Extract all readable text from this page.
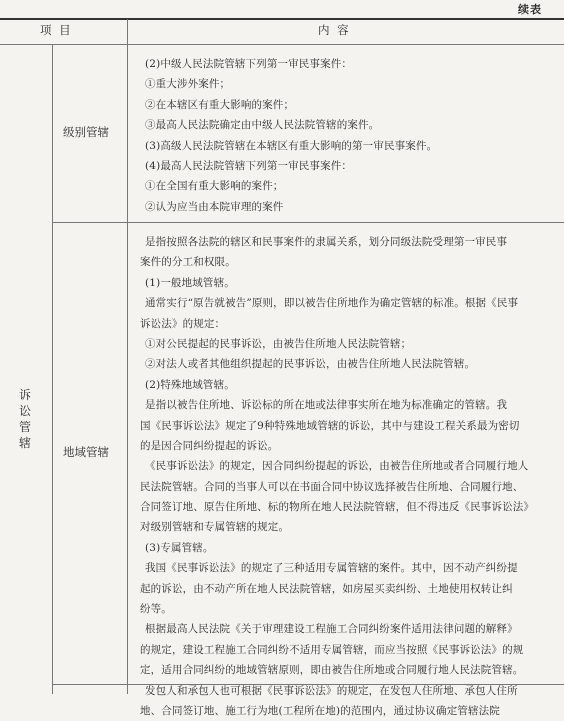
续表
项 目	内 容
诉
讼
管
辖
级别管辖
(2)中级人民法院管辖下列第一审民事案件：
①重大涉外案件；
②在本辖区有重大影响的案件；
③最高人民法院确定由中级人民法院管辖的案件。
(3)高级人民法院管辖在本辖区有重大影响的第一审民事案件。
(4)最高人民法院管辖下列第一审民事案件：
①在全国有重大影响的案件；
②认为应当由本院审理的案件
地域管辖
是指按照各法院的辖区和民事案件的隶属关系，划分同级法院受理第一审民事
案件的分工和权限。
(1)一般地域管辖。
通常实行“原告就被告”原则，即以被告住所地作为确定管辖的标准。根据《民事
诉讼法》的规定：
①对公民提起的民事诉讼，由被告住所地人民法院管辖；
②对法人或者其他组织提起的民事诉讼，由被告住所地人民法院管辖。
(2)特殊地域管辖。
是指以被告住所地、诉讼标的所在地或法律事实所在地为标准确定的管辖。我
国《民事诉讼法》规定了9种特殊地域管辖的诉讼，其中与建设工程关系最为密切
的是因合同纠纷提起的诉讼。
《民事诉讼法》的规定，因合同纠纷提起的诉讼，由被告住所地或者合同履行地人
民法院管辖。合同的当事人可以在书面合同中协议选择被告住所地、合同履行地、
合同签订地、原告住所地、标的物所在地人民法院管辖，但不得违反《民事诉讼法》
对级别管辖和专属管辖的规定。
(3)专属管辖。
我国《民事诉讼法》的规定了三种适用专属管辖的案件。其中，因不动产纠纷提
起的诉讼，由不动产所在地人民法院管辖，如房屋买卖纠纷、土地使用权转让纠
纷等。
根据最高人民法院《关于审理建设工程施工合同纠纷案件适用法律问题的解释》
的规定，建设工程施工合同纠纷不适用专属管辖，而应当按照《民事诉讼法》的规
定，适用合同纠纷的地域管辖原则，即由被告住所地或合同履行地人民法院管辖。
发包人和承包人也可根据《民事诉讼法》的规定，在发包人住所地、承包人住所
地、合同签订地、施工行为地(工程所在地)的范围内，通过协议确定管辖法院
